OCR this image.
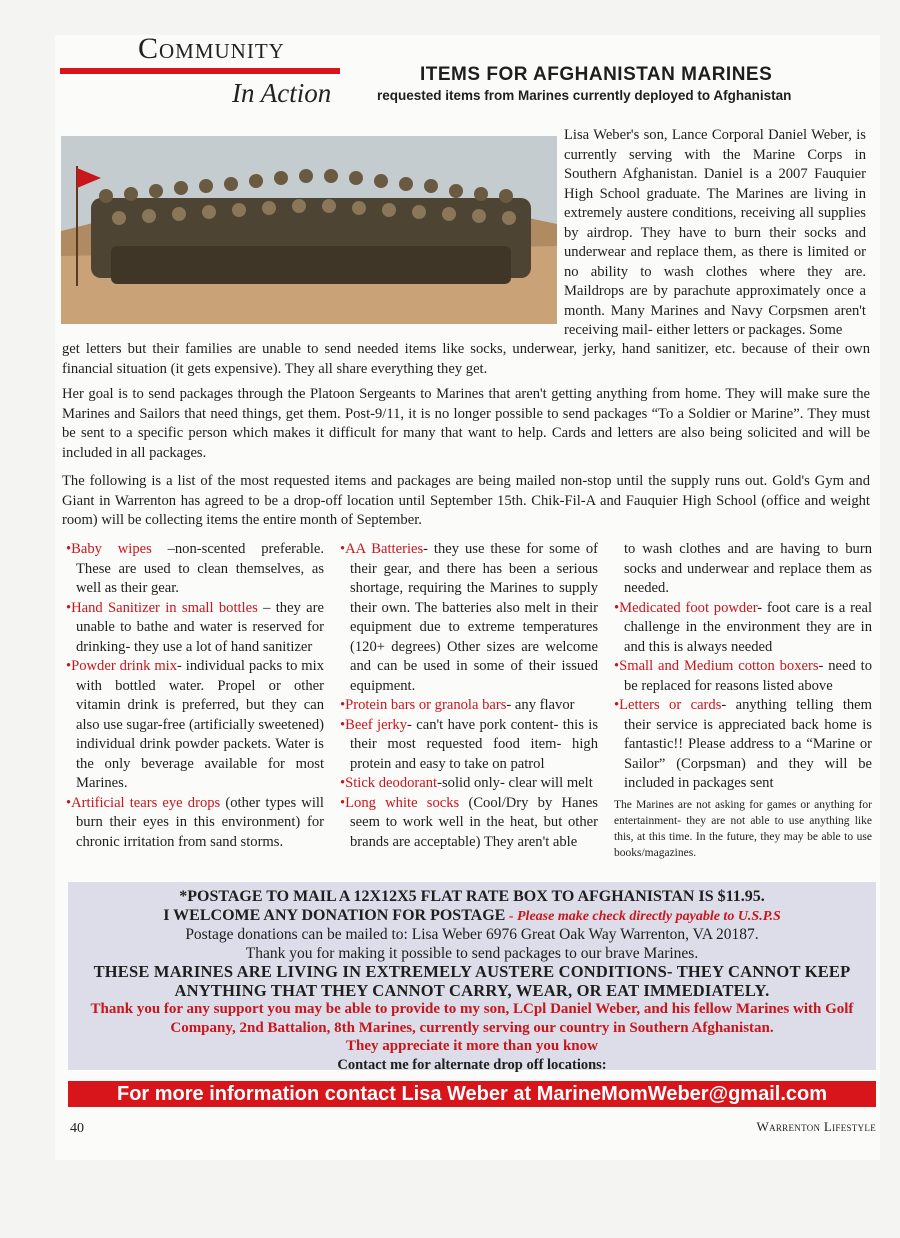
Community
In Action
ITEMS FOR AFGHANISTAN MARINES
requested items from Marines currently deployed to Afghanistan
Lisa Weber's son, Lance Corporal Daniel Weber, is currently serving with the Marine Corps in Southern Afghanistan. Daniel is a 2007 Fauquier High School graduate. The Marines are living in extremely austere conditions, receiving all supplies by airdrop. They have to burn their socks and underwear and replace them, as there is limited or no ability to wash clothes where they are. Maildrops are by parachute approximately once a month. Many Marines and Navy Corpsmen aren't receiving mail- either letters or packages. Some
get letters but their families are unable to send needed items like socks, underwear, jerky, hand sanitizer, etc. because of their own financial situation (it gets expensive). They all share everything they get.
Her goal is to send packages through the Platoon Sergeants to Marines that aren't getting anything from home. They will make sure the Marines and Sailors that need things, get them. Post-9/11, it is no longer possible to send packages “To a Soldier or Marine”. They must be sent to a specific person which makes it difficult for many that want to help. Cards and letters are also being solicited and will be included in all packages.
The following is a list of the most requested items and packages are being mailed non-stop until the supply runs out. Gold's Gym and Giant in Warrenton has agreed to be a drop-off location until September 15th. Chik-Fil-A and Fauquier High School (office and weight room) will be collecting items the entire month of September.

•Baby wipes –non-scented preferable. These are used to clean themselves, as well as their gear.

•Hand Sanitizer in small bottles – they are unable to bathe and water is reserved for drinking- they use a lot of hand sanitizer

•Powder drink mix- individual packs to mix with bottled water. Propel or other vitamin drink is preferred, but they can also use sugar-free (artificially sweetened) individual drink powder packets. Water is the only beverage available for most Marines.

•Artificial tears eye drops (other types will burn their eyes in this environment) for chronic irritation from sand storms.

•AA Batteries- they use these for some of their gear, and there has been a serious shortage, requiring the Marines to supply their own. The batteries also melt in their equipment due to extreme temperatures (120+ degrees) Other sizes are welcome and can be used in some of their issued equipment.

•Protein bars or granola bars- any flavor

•Beef jerky- can't have pork content- this is their most requested food item- high protein and easy to take on patrol

•Stick deodorant-solid only- clear will melt

•Long white socks (Cool/Dry by Hanes seem to work well in the heat, but other brands are acceptable) They aren't able

to wash clothes and are having to burn socks and underwear and replace them as needed.

•Medicated foot powder- foot care is a real challenge in the environment they are in and this is always needed

•Small and Medium cotton boxers- need to be replaced for reasons listed above

•Letters or cards- anything telling them their service is appreciated back home is fantastic!! Please address to a “Marine or Sailor” (Corpsman) and they will be included in packages sent

The Marines are not asking for games or anything for entertainment- they are not able to use anything like this, at this time. In the future, they may be able to use books/magazines.

*POSTAGE TO MAIL A 12X12X5 FLAT RATE BOX TO AFGHANISTAN IS $11.95.
I WELCOME ANY DONATION FOR POSTAGE - Please make check directly payable to U.S.P.S
Postage donations can be mailed to: Lisa Weber 6976 Great Oak Way Warrenton, VA 20187.
Thank you for making it possible to send packages to our brave Marines.
THESE MARINES ARE LIVING IN EXTREMELY AUSTERE CONDITIONS- THEY CANNOT KEEP ANYTHING THAT THEY CANNOT CARRY, WEAR, OR EAT IMMEDIATELY.
Thank you for any support you may be able to provide to my son, LCpl Daniel Weber, and his fellow Marines with Golf Company, 2nd Battalion, 8th Marines, currently serving our country in Southern Afghanistan.
They appreciate it more than you know
Contact me for alternate drop off locations:
For more information contact Lisa Weber at MarineMomWeber@gmail.com
40	Warrenton Lifestyle
